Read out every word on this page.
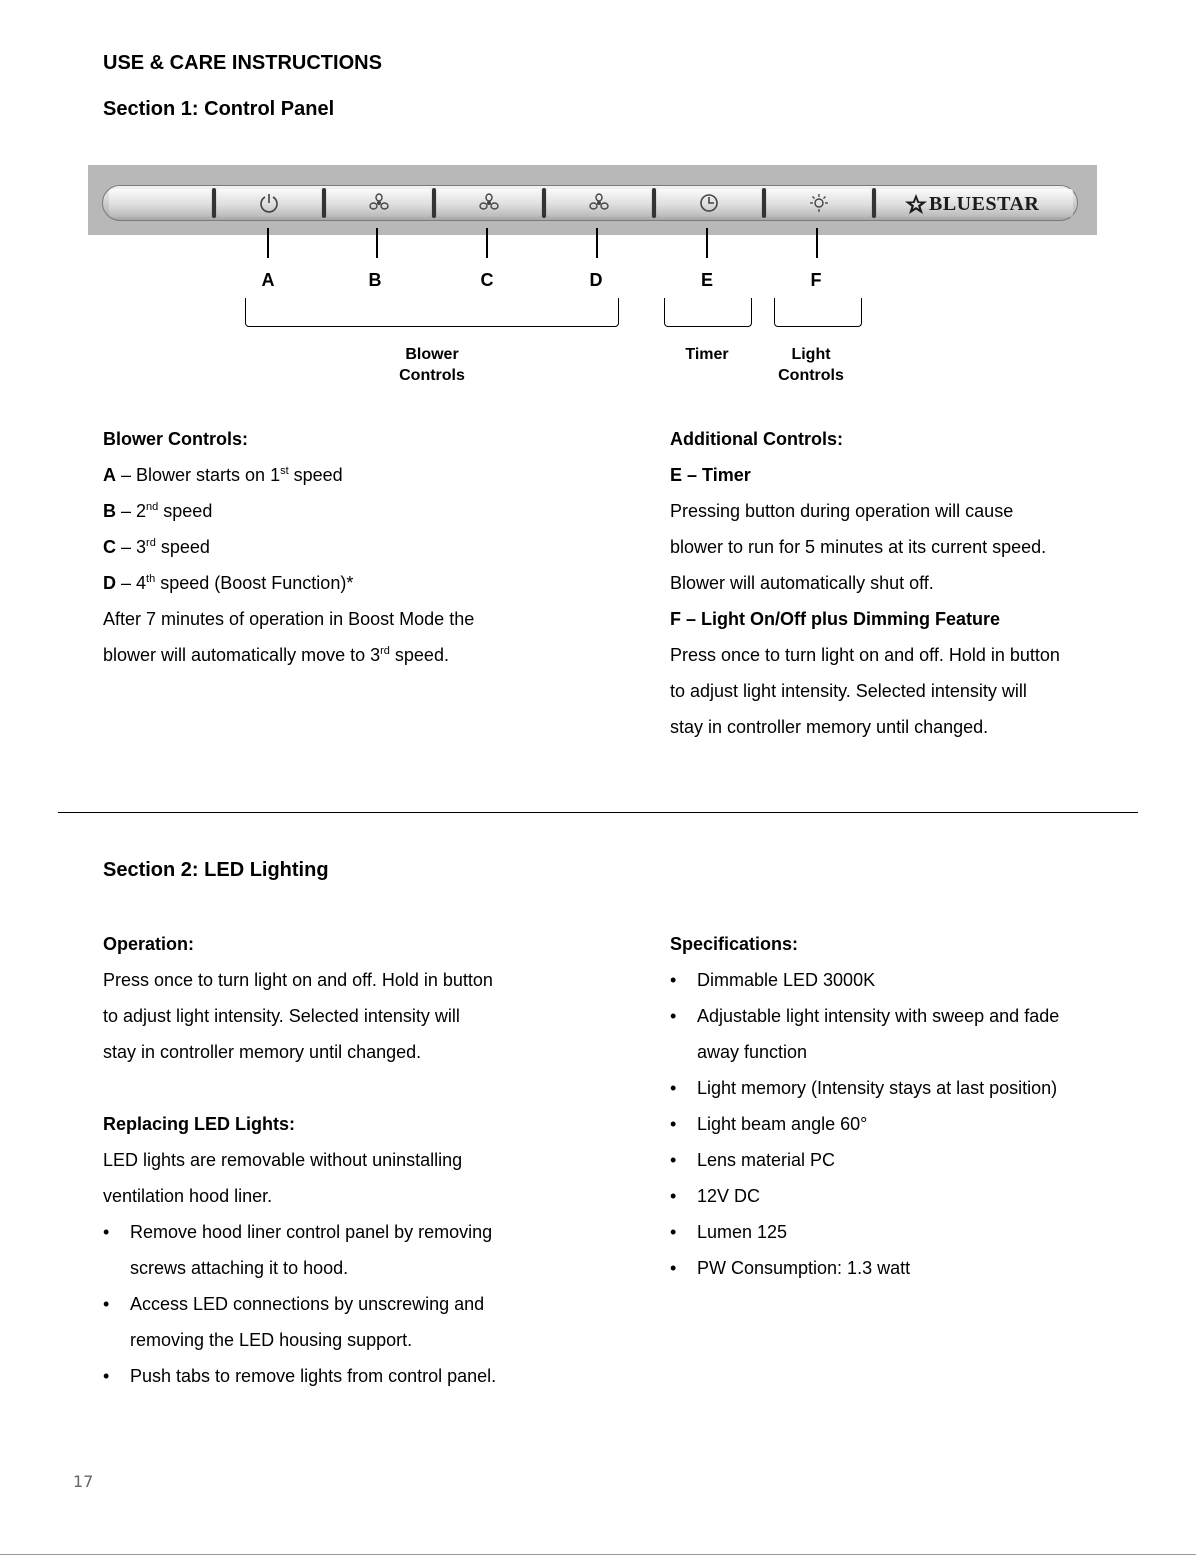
USE & CARE INSTRUCTIONS
Section 1: Control Panel
BLUESTAR
A	B	C	D	E	F
Blower
Controls
Timer	Light
Controls
Blower Controls:
A – Blower starts on 1st speed
B – 2nd speed
C – 3rd speed
D – 4th speed (Boost Function)*
After 7 minutes of operation in Boost Mode the
blower will automatically move to 3rd speed.
Additional Controls:
E – Timer
Pressing button during operation will cause
blower to run for 5 minutes at its current speed.
Blower will automatically shut off.
F – Light On/Off plus Dimming Feature
Press once to turn light on and off. Hold in button
to adjust light intensity. Selected intensity will
stay in controller memory until changed.
Section 2: LED Lighting
Operation:
Press once to turn light on and off. Hold in button
to adjust light intensity. Selected intensity will
stay in controller memory until changed.

Replacing LED Lights:
LED lights are removable without uninstalling
ventilation hood liner.
• Remove hood liner control panel by removing
screws attaching it to hood.
• Access LED connections by unscrewing and
removing the LED housing support.
• Push tabs to remove lights from control panel.
Specifications:
• Dimmable LED 3000K
• Adjustable light intensity with sweep and fade
away function
• Light memory (Intensity stays at last position)
• Light beam angle 60°
• Lens material PC
• 12V DC
• Lumen 125
• PW Consumption: 1.3 watt
17
